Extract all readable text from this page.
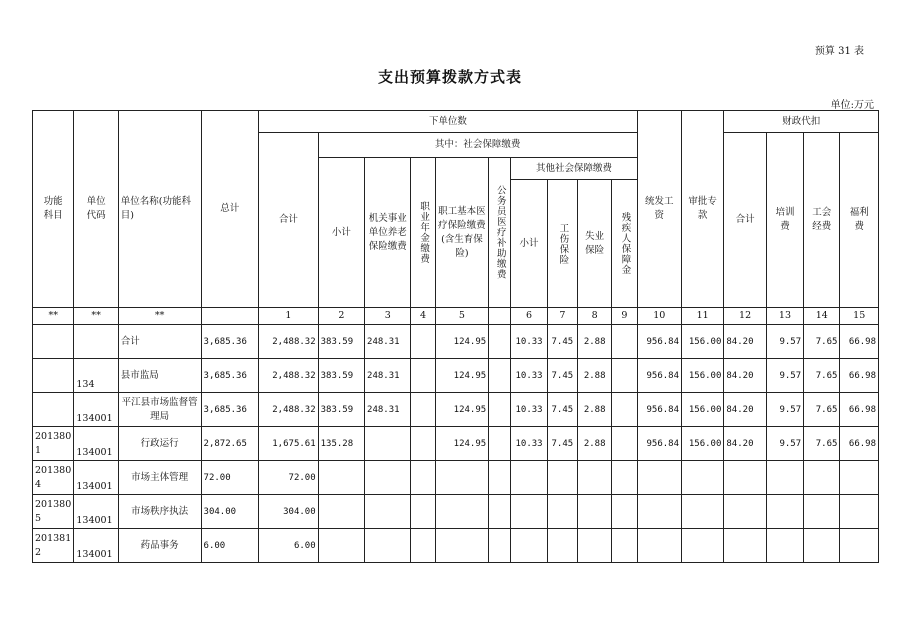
预算 31 表
支出预算拨款方式表
单位:万元
功能科目	单位代码	单位名称(功能科目)	总计	下单位数										统发工资	审批专款	财政代扣			
				合计	其中：社会保障缴费											合计	培训费	工会经费	福利费

					小计	机关事业单位养老保险缴费	职业年金缴费	职工基本医疗保险缴费(含生育保险)	公务员医疗补助缴费	其他社会保障缴费									
										小计	工伤保险	失业保险	残疾人保障金						

**	**	**		1	2	3	4	5		6	7	8	9	10	11	12	13	14	15
		合计	3,685.36	2,488.32	383.59	248.31		124.95		10.33	7.45	2.88		956.84	156.00	84.20	9.57	7.65	66.98
	134	县市监局	3,685.36	2,488.32	383.59	248.31		124.95		10.33	7.45	2.88		956.84	156.00	84.20	9.57	7.65	66.98
	134001	平江县市场监督管理局	3,685.36	2,488.32	383.59	248.31		124.95		10.33	7.45	2.88		956.84	156.00	84.20	9.57	7.65	66.98
2013801	134001	行政运行	2,872.65	1,675.61	135.28			124.95		10.33	7.45	2.88		956.84	156.00	84.20	9.57	7.65	66.98
2013804	134001	市场主体管理	72.00	72.00															
2013805	134001	市场秩序执法	304.00	304.00															
2013812	134001	药品事务	6.00	6.00															
